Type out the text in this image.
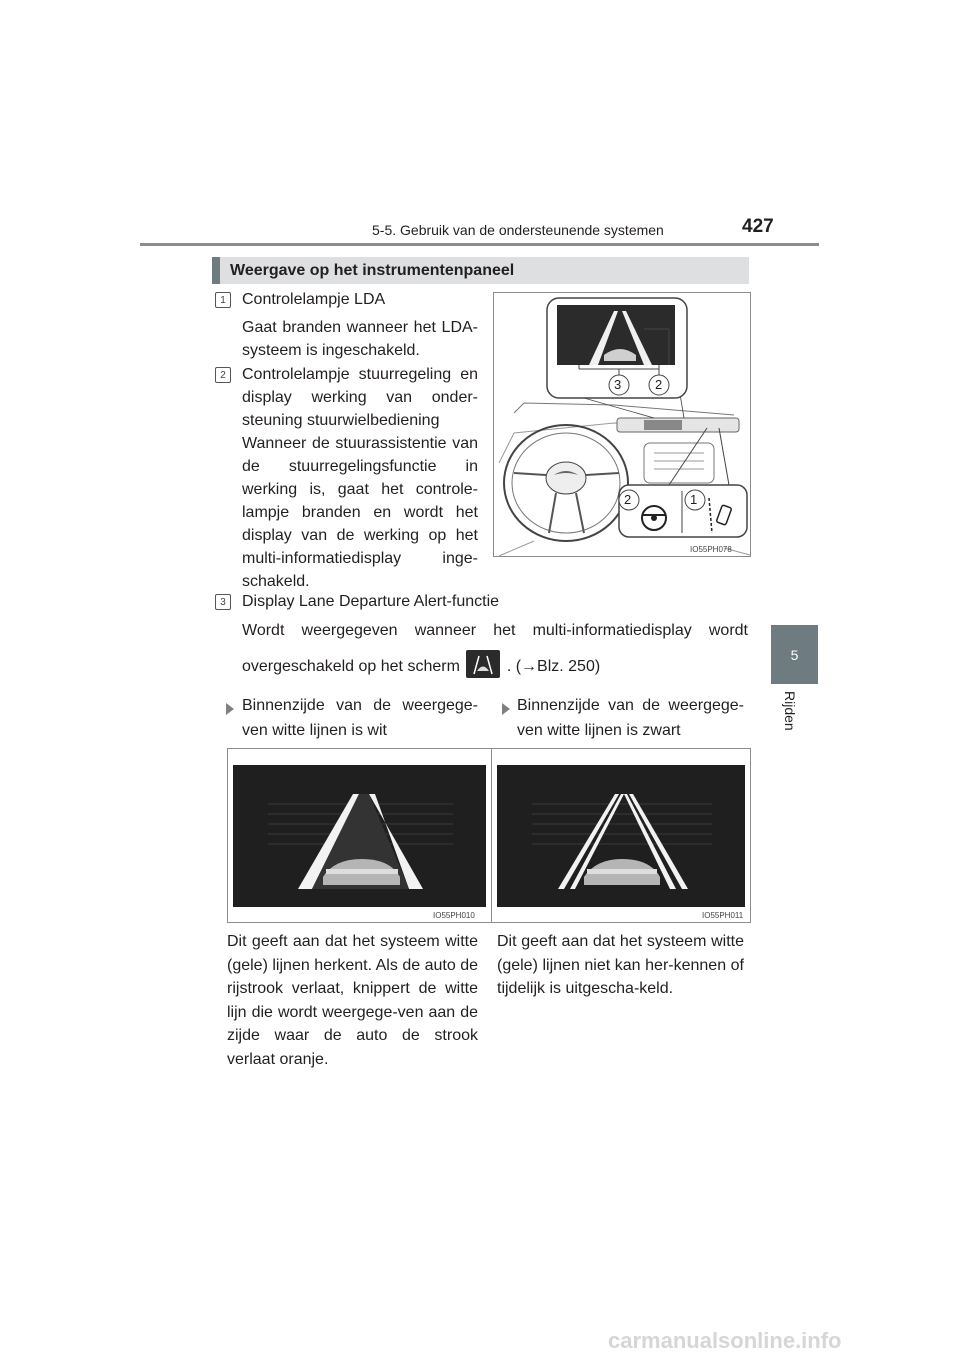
5-5. Gebruik van de ondersteunende systemen	427
5
Rijden
Weergave op het instrumentenpaneel
1	Controlelampje LDA
Gaat branden wanneer het LDA-systeem is ingeschakeld.
2	Controlelampje stuurregeling en display werking van onder-steuning stuurwielbediening
Wanneer de stuurassistentie van de stuurregelingsfunctie in werking is, gaat het controle-lampje branden en wordt het display van de werking op het multi-informatiedisplay inge-schakeld.
3	Display Lane Departure Alert-functie
Wordt weergegeven wanneer het multi-informatiedisplay wordt
overgeschakeld op het scherm	. (→Blz. 250)
3	2
2	1
IO55PH078
Binnenzijde van de weergege-ven witte lijnen is wit
Binnenzijde van de weergege-ven witte lijnen is zwart
IO55PH010	IO55PH011
Dit geeft aan dat het systeem witte (gele) lijnen herkent. Als de auto de rijstrook verlaat, knippert de witte lijn die wordt weergege-ven aan de zijde waar de auto de strook verlaat oranje.
Dit geeft aan dat het systeem witte (gele) lijnen niet kan her-kennen of tijdelijk is uitgescha-keld.
carmanualsonline.info
